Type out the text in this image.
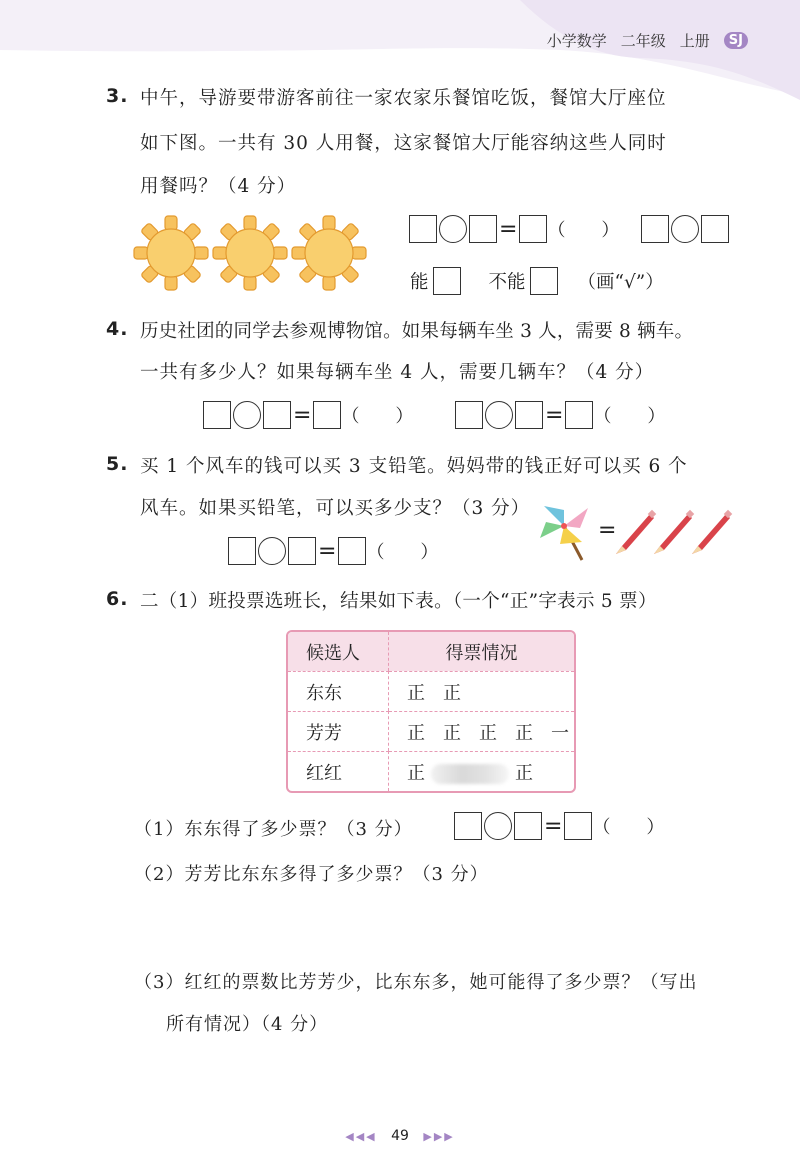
小学数学 二年级 上册	SJ
3. 中午，导游要带游客前往一家农家乐餐馆吃饭，餐馆大厅座位
如下图。一共有 30 人用餐，这家餐馆大厅能容纳这些人同时
用餐吗？（4 分）
= （　　）
能	不能	（画“√”）
4. 历史社团的同学去参观博物馆。如果每辆车坐 3 人，需要 8 辆车。
一共有多少人？如果每辆车坐 4 人，需要几辆车？（4 分）
= （　　）	= （　　）
5. 买 1 个风车的钱可以买 3 支铅笔。妈妈带的钱正好可以买 6 个
风车。如果买铅笔，可以买多少支？（3 分）
=
= （　　）
6. 二（1）班投票选班长，结果如下表。（一个“正”字表示 5 票）
候选人	得票情况
东东	正　正
芳芳	正　正　正　正　一
红红	正 正
（1）东东得了多少票？（3 分）	= （　　）
（2）芳芳比东东多得了多少票？（3 分）
（3）红红的票数比芳芳少，比东东多，她可能得了多少票？（写出
所有情况）（4 分）
◀◀◀ 49 ▶▶▶
